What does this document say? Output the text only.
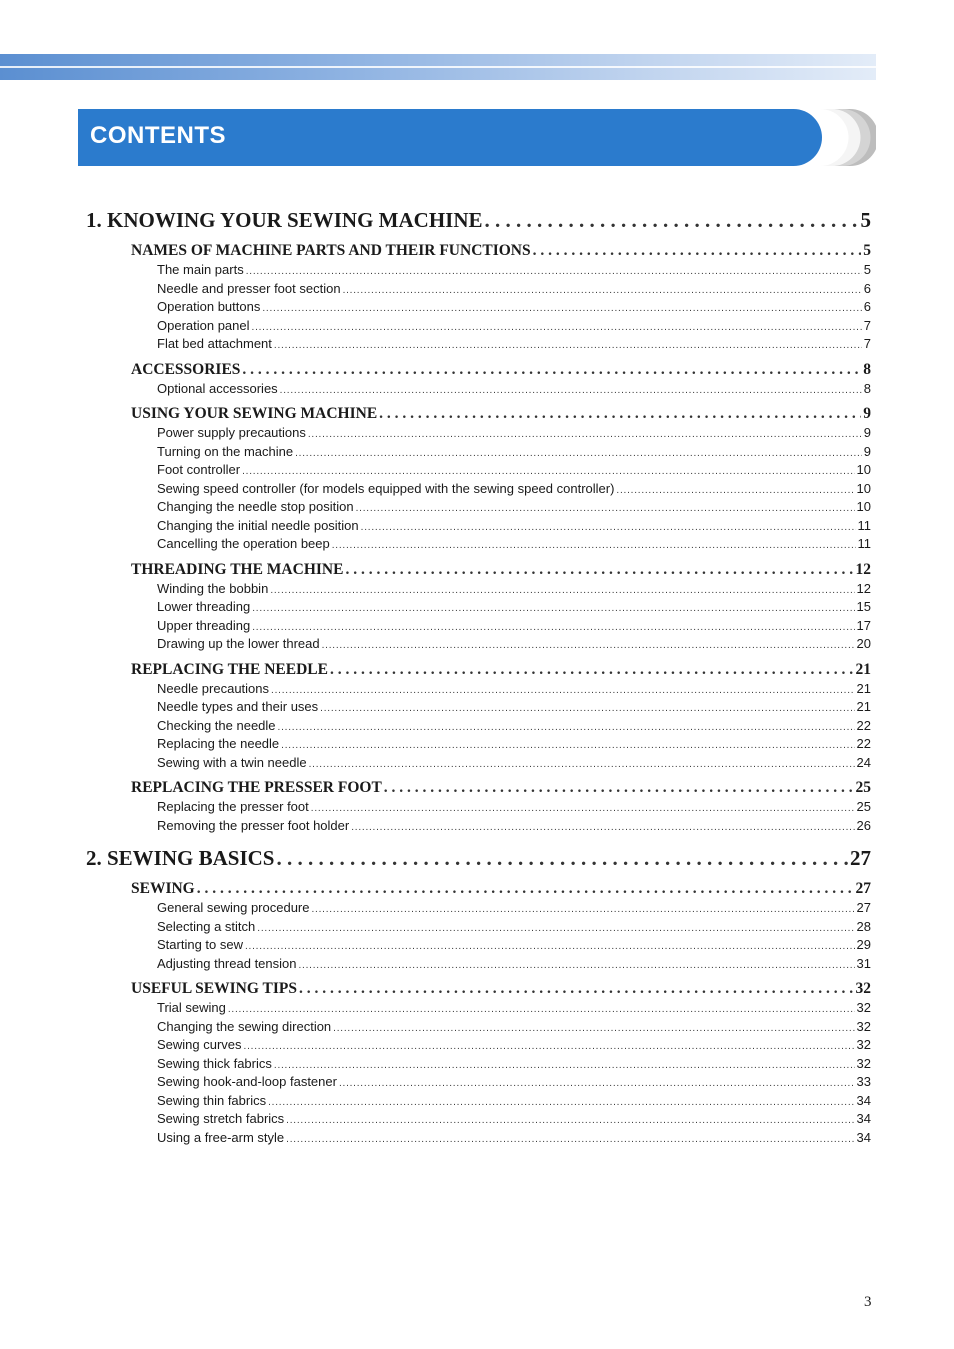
CONTENTS
1. KNOWING YOUR SEWING MACHINE . . .	5
NAMES OF MACHINE PARTS AND THEIR FUNCTIONS . . .	5
The main parts . . .	5
Needle and presser foot section . . .	6
Operation buttons . . .	6
Operation panel . . .	7
Flat bed attachment . . .	7
ACCESSORIES . . .	8
Optional accessories . . .	8
USING YOUR SEWING MACHINE . . .	9
Power supply precautions . . .	9
Turning on the machine . . .	9
Foot controller . . .	10
Sewing speed controller (for models equipped with the sewing speed controller) . . .	10
Changing the needle stop position . . .	10
Changing the initial needle position . . .	11
Cancelling the operation beep . . .	11
THREADING THE MACHINE . . .	12
Winding the bobbin . . .	12
Lower threading . . .	15
Upper threading . . .	17
Drawing up the lower thread . . .	20
REPLACING THE NEEDLE . . .	21
Needle precautions . . .	21
Needle types and their uses . . .	21
Checking the needle . . .	22
Replacing the needle . . .	22
Sewing with a twin needle . . .	24
REPLACING THE PRESSER FOOT . . .	25
Replacing the presser foot . . .	25
Removing the presser foot holder . . .	26
2. SEWING BASICS . . .	27
SEWING . . .	27
General sewing procedure . . .	27
Selecting a stitch . . .	28
Starting to sew . . .	29
Adjusting thread tension . . .	31
USEFUL SEWING TIPS . . .	32
Trial sewing . . .	32
Changing the sewing direction . . .	32
Sewing curves . . .	32
Sewing thick fabrics . . .	32
Sewing hook-and-loop fastener . . .	33
Sewing thin fabrics . . .	34
Sewing stretch fabrics . . .	34
Using a free-arm style . . .	34
3
